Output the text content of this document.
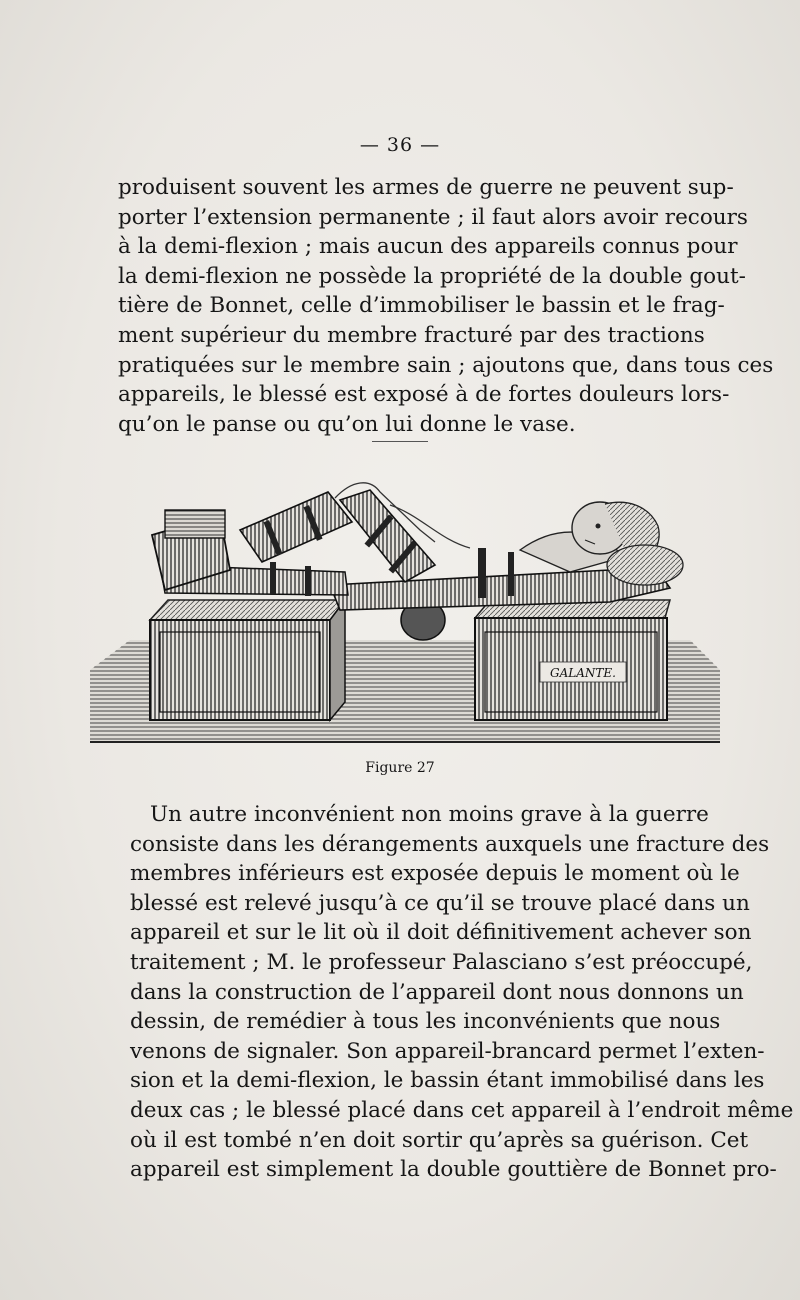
— 36 —

produisent souvent les armes de guerre ne peuvent sup-
porter l’extension permanente ; il faut alors avoir recours
à la demi-flexion ; mais aucun des appareils connus pour
la demi-flexion ne possède la propriété de la double gout-
tière de Bonnet, celle d’immobiliser le bassin et le frag-
ment supérieur du membre fracturé par des tractions
pratiquées sur le membre sain ; ajoutons que, dans tous ces
appareils, le blessé est exposé à de fortes douleurs lors-
qu’on le panse ou qu’on lui donne le vase.

GALANTE.
Figure 27

Un autre inconvénient non moins grave à la guerre
consiste dans les dérangements auxquels une fracture des
membres inférieurs est exposée depuis le moment où le
blessé est relevé jusqu’à ce qu’il se trouve placé dans un
appareil et sur le lit où il doit définitivement achever son
traitement ; M. le professeur Palasciano s’est préoccupé,
dans la construction de l’appareil dont nous donnons un
dessin, de remédier à tous les inconvénients que nous
venons de signaler. Son appareil-brancard permet l’exten-
sion et la demi-flexion, le bassin étant immobilisé dans les
deux cas ; le blessé placé dans cet appareil à l’endroit même
où il est tombé n’en doit sortir qu’après sa guérison. Cet
appareil est simplement la double gouttière de Bonnet pro-
